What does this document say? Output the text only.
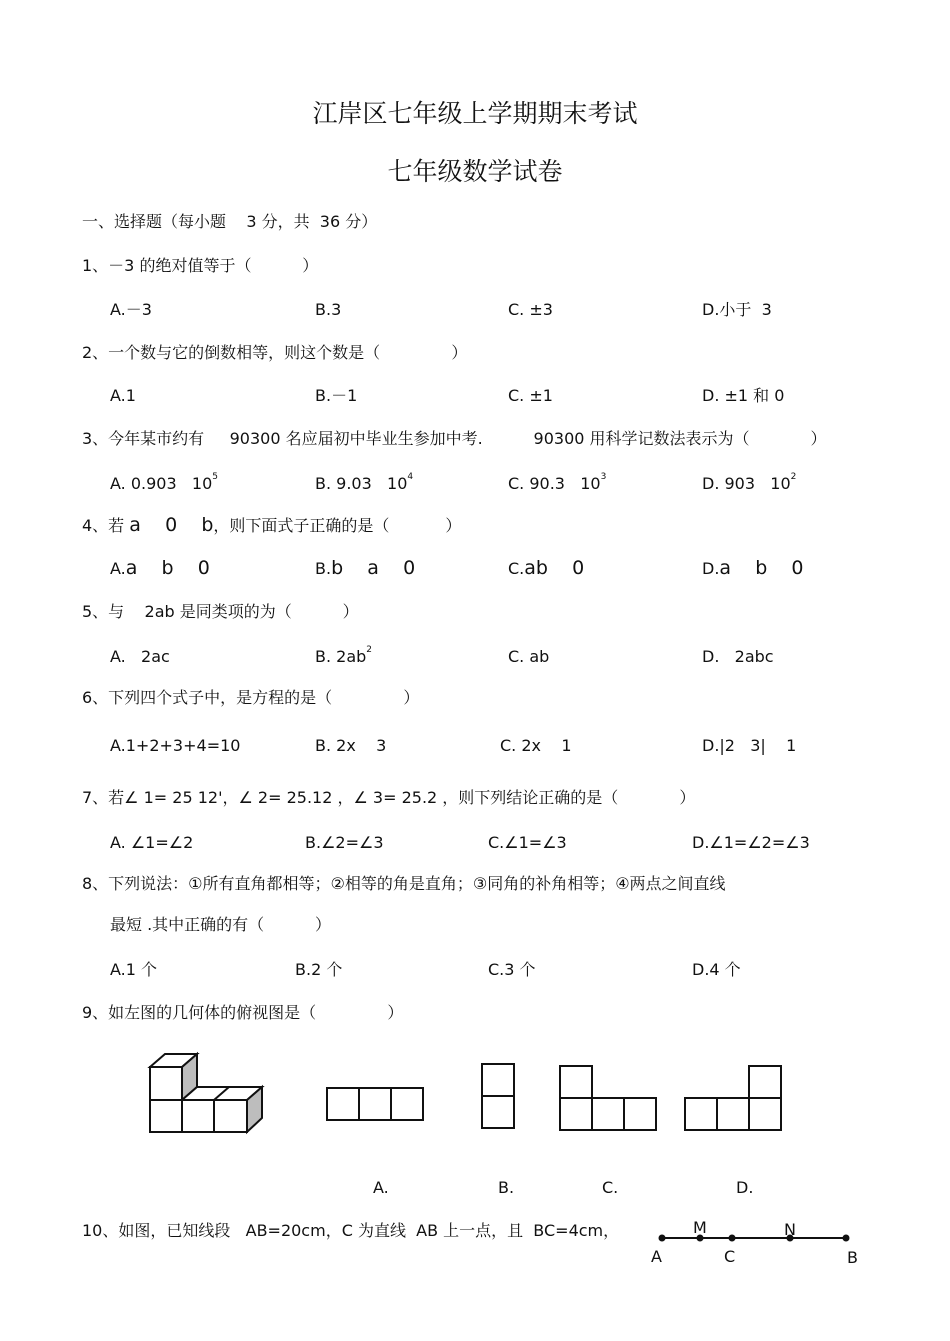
江岸区七年级上学期期末考试
七年级数学试卷
一、选择题（每小题    3 分，共  36 分）
1、－3 的绝对值等于（          ）
A.－3	B.3	C. ±3	D.小于  3
2、一个数与它的倒数相等，则这个数是（              ）
A.1	B.－1	C. ±1	D. ±1 和 0
3、今年某市约有     90300 名应届初中毕业生参加中考.          90300 用科学记数法表示为（            ）
A. 0.903   $10^5$	B. 9.03   $10^4$	C. 90.3   $10^3$	D. 903   $10^2$
4、若 a    0    b，则下面式子正确的是（           ）
A.a    b    0	B.b    a    0	C.ab    0	D.a    b    0
5、与    2ab 是同类项的为（          ）
A.   2ac	B. $2ab^2$	C. ab	D.   2abc
6、下列四个式子中，是方程的是（              ）
A.1+2+3+4=10	B. 2x    3	C. 2x    1	D.|2   3|    1
7、若∠ 1= 25 12'，∠ 2= 25.12 ，∠ 3= 25.2 ，则下列结论正确的是（            ）
A. ∠1=∠2	B.∠2=∠3	C.∠1=∠3	D.∠1=∠2=∠3
8、下列说法：①所有直角都相等；②相等的角是直角；③同角的补角相等；④两点之间直线
最短 .其中正确的有（          ）
A.1 个	B.2 个	C.3 个	D.4 个
9、如左图的几何体的俯视图是（              ）
A.	B.	C.	D.
10、如图，已知线段   AB=20cm，C 为直线  AB 上一点，且  BC=4cm，
A
M
C
N
B
